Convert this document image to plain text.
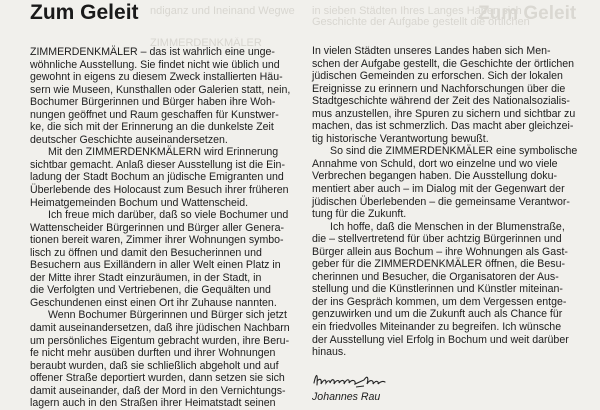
ndiganz und Ineinand Wegwe
ZIMMERDENKMÄLER
in sieben Städten Ihres Langes Haben sich
Geschichte der Aufgabe gestellt die örtlichen
Zum Geleit
Zum Geleit

ZIMMERDENKMÄLER – das ist wahrlich eine unge-

wöhnliche Ausstellung. Sie findet nicht wie üblich und

gewohnt in eigens zu diesem Zweck installierten Häu-

sern wie Museen, Kunsthallen oder Galerien statt, nein,

Bochumer Bürgerinnen und Bürger haben ihre Woh-

nungen geöffnet und Raum geschaffen für Kunstwer-

ke, die sich mit der Erinnerung an die dunkelste Zeit

deutscher Geschichte auseinandersetzen.

Mit den ZIMMERDENKMÄLERN wird Erinnerung

sichtbar gemacht. Anlaß dieser Ausstellung ist die Ein-

ladung der Stadt Bochum an jüdische Emigranten und

Überlebende des Holocaust zum Besuch ihrer früheren

Heimatgemeinden Bochum und Wattenscheid.

Ich freue mich darüber, daß so viele Bochumer und

Wattenscheider Bürgerinnen und Bürger aller Genera-

tionen bereit waren, Zimmer ihrer Wohnungen symbo-

lisch zu öffnen und damit den Besucherinnen und

Besuchern aus Exilländern in aller Welt einen Platz in

der Mitte ihrer Stadt einzuräumen, in der Stadt, in

die Verfolgten und Vertriebenen, die Gequälten und

Geschundenen einst einen Ort ihr Zuhause nannten.

Wenn Bochumer Bürgerinnen und Bürger sich jetzt

damit auseinandersetzen, daß ihre jüdischen Nachbarn

um persönliches Eigentum gebracht wurden, ihre Beru-

fe nicht mehr ausüben durften und ihrer Wohnungen

beraubt wurden, daß sie schließlich abgeholt und auf

offener Straße deportiert wurden, dann setzen sie sich

damit auseinander, daß der Mord in den Vernichtungs-

lagern auch in den Straßen ihrer Heimatstadt seinen

In vielen Städten unseres Landes haben sich Men-

schen der Aufgabe gestellt, die Geschichte der örtlichen

jüdischen Gemeinden zu erforschen. Sich der lokalen

Ereignisse zu erinnern und Nachforschungen über die

Stadtgeschichte während der Zeit des Nationalsozialis-

mus anzustellen, ihre Spuren zu sichern und sichtbar zu

machen, das ist schmerzlich. Das macht aber gleichzei-

tig historische Verantwortung bewußt.

So sind die ZIMMERDENKMÄLER eine symbolische

Annahme von Schuld, dort wo einzelne und wo viele

Verbrechen begangen haben. Die Ausstellung doku-

mentiert aber auch – im Dialog mit der Gegenwart der

jüdischen Überlebenden – die gemeinsame Verantwor-

tung für die Zukunft.

Ich hoffe, daß die Menschen in der Blumenstraße,

die – stellvertretend für über achtzig Bürgerinnen und

Bürger allein aus Bochum – ihre Wohnungen als Gast-

geber für die ZIMMERDENKMÄLER öffnen, die Besu-

cherinnen und Besucher, die Organisatoren der Aus-

stellung und die Künstlerinnen und Künstler miteinan-

der ins Gespräch kommen, um dem Vergessen entge-

genzuwirken und um die Zukunft auch als Chance für

ein friedvolles Miteinander zu begreifen. Ich wünsche

der Ausstellung viel Erfolg in Bochum und weit darüber

hinaus.

Johannes Rau
